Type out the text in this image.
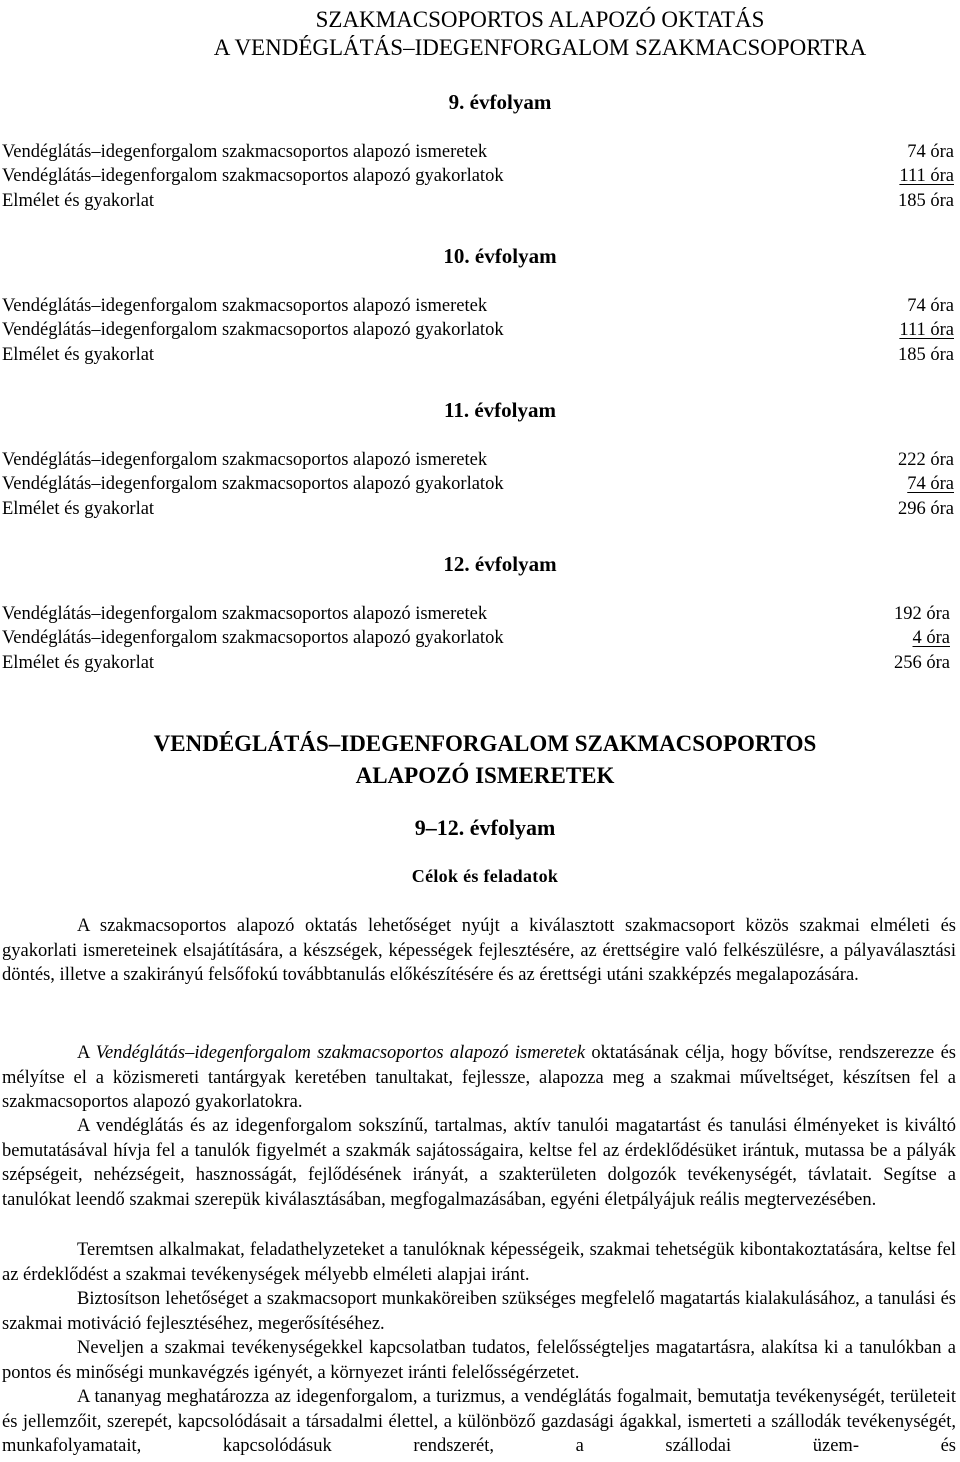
SZAKMACSOPORTOS ALAPOZÓ OKTATÁS
A VENDÉGLÁTÁS–IDEGENFORGALOM SZAKMACSOPORTRA
9. évfolyam
Vendéglátás–idegenforgalom szakmacsoportos alapozó ismeretek	74 óra
Vendéglátás–idegenforgalom szakmacsoportos alapozó gyakorlatok	111 óra
Elmélet és gyakorlat	185 óra
10. évfolyam
Vendéglátás–idegenforgalom szakmacsoportos alapozó ismeretek	74 óra
Vendéglátás–idegenforgalom szakmacsoportos alapozó gyakorlatok	111 óra
Elmélet és gyakorlat	185 óra
11. évfolyam
Vendéglátás–idegenforgalom szakmacsoportos alapozó ismeretek	222 óra
Vendéglátás–idegenforgalom szakmacsoportos alapozó gyakorlatok	74 óra
Elmélet és gyakorlat	296 óra
12. évfolyam
Vendéglátás–idegenforgalom szakmacsoportos alapozó ismeretek	192 óra
Vendéglátás–idegenforgalom szakmacsoportos alapozó gyakorlatok	4 óra
Elmélet és gyakorlat	256 óra
VENDÉGLÁTÁS–IDEGENFORGALOM SZAKMACSOPORTOS
ALAPOZÓ ISMERETEK
9–12. évfolyam
Célok és feladatok

A szakmacsoportos alapozó oktatás lehetőséget nyújt a kiválasztott szakmacsoport közös szakmai elméleti és gyakorlati ismereteinek elsajátítására, a készségek, képességek fejlesztésére, az érettségire való felkészülésre, a pályaválasztási döntés, illetve a szakirányú felsőfokú továbbtanulás előkészítésére és az érettségi utáni szakképzés megalapozására.

A Vendéglátás–idegenforgalom szakmacsoportos alapozó ismeretek oktatásának célja, hogy bővítse, rendszerezze és mélyítse el a közismereti tantárgyak keretében tanultakat, fejlessze, alapozza meg a szakmai műveltséget, készítsen fel a szakmacsoportos alapozó gyakorlatokra.

A vendéglátás és az idegenforgalom sokszínű, tartalmas, aktív tanulói magatartást és tanulási élményeket is kiváltó bemutatásával hívja fel a tanulók figyelmét a szakmák sajátosságaira, keltse fel az érdeklődésüket irántuk, mutassa be a pályák szépségeit, nehézségeit, hasznosságát, fejlődésének irányát, a szakterületen dolgozók tevékenységét, távlatait. Segítse a tanulókat leendő szakmai szerepük kiválasztásában, megfogalmazásában, egyéni életpályájuk reális megtervezésében.

Teremtsen alkalmakat, feladathelyzeteket a tanulóknak képességeik, szakmai tehetségük kibontakoztatására, keltse fel az érdeklődést a szakmai tevékenységek mélyebb elméleti alapjai iránt.

Biztosítson lehetőséget a szakmacsoport munkaköreiben szükséges megfelelő magatartás kialakulásához, a tanulási és szakmai motiváció fejlesztéséhez, megerősítéséhez.

Neveljen a szakmai tevékenységekkel kapcsolatban tudatos, felelősségteljes magatartásra, alakítsa ki a tanulókban a pontos és minőségi munkavégzés igényét, a környezet iránti felelősségérzetet.

A tananyag meghatározza az idegenforgalom, a turizmus, a vendéglátás fogalmait, bemutatja tevékenységét, területeit és jellemzőit, szerepét, kapcsolódásait a társadalmi élettel, a különböző gazdasági ágakkal, ismerteti a szállodák tevékenységét, munkafolyamatait, kapcsolódásuk rendszerét, a szállodai üzem- és
